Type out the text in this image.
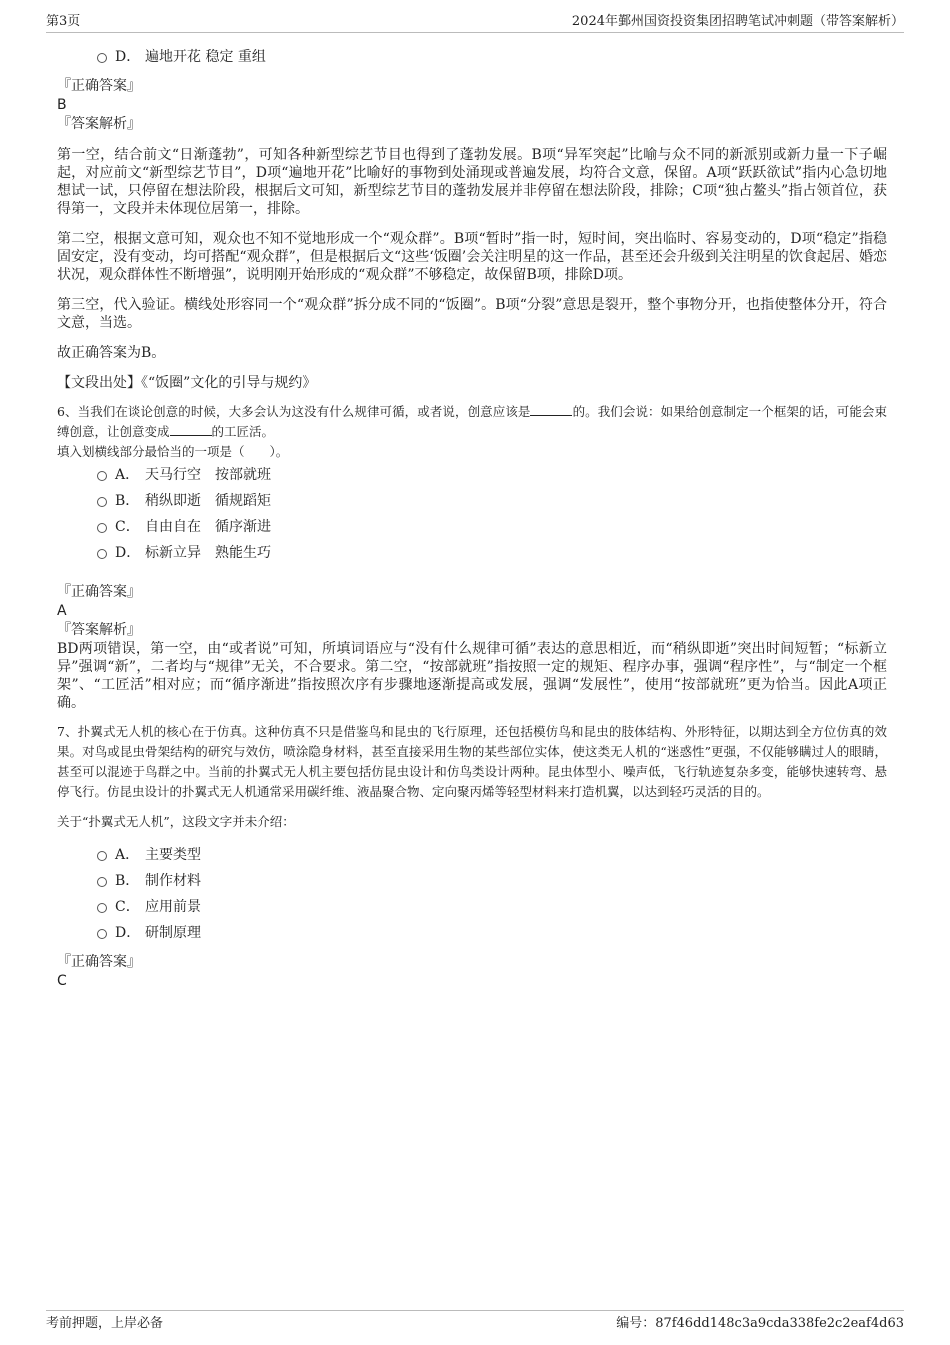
第3页	2024年鄞州国资投资集团招聘笔试冲刺题（带答案解析）
D． 遍地开花 稳定 重组
『正确答案』
B
『答案解析』

第一空，结合前文“日渐蓬勃”，可知各种新型综艺节目也得到了蓬勃发展。B项“异军突起”比喻与众不同的新派别或新力量一下子崛起，对应前文“新型综艺节目”，D项“遍地开花”比喻好的事物到处涌现或普遍发展，均符合文意，保留。A项“跃跃欲试”指内心急切地想试一试，只停留在想法阶段，根据后文可知，新型综艺节目的蓬勃发展并非停留在想法阶段，排除；C项“独占鳌头”指占领首位，获得第一，文段并未体现位居第一，排除。

第二空，根据文意可知，观众也不知不觉地形成一个“观众群”。B项“暂时”指一时，短时间，突出临时、容易变动的，D项“稳定”指稳固安定，没有变动，均可搭配“观众群”，但是根据后文“这些‘饭圈’会关注明星的这一作品，甚至还会升级到关注明星的饮食起居、婚恋状况，观众群体性不断增强”，说明刚开始形成的“观众群”不够稳定，故保留B项，排除D项。

第三空，代入验证。横线处形容同一个“观众群”拆分成不同的“饭圈”。B项“分裂”意思是裂开，整个事物分开，也指使整体分开，符合文意，当选。

故正确答案为B。

【文段出处】《“饭圈”文化的引导与规约》

6、当我们在谈论创意的时候，大多会认为这没有什么规律可循，或者说，创意应该是	的。我们会说：如果给创意制定一个框架的话，可能会束缚创意，让创意变成	的工匠活。

填入划横线部分最恰当的一项是（　　）。

A． 天马行空　按部就班
B． 稍纵即逝　循规蹈矩
C． 自由自在　循序渐进
D． 标新立异　熟能生巧
『正确答案』
A
『答案解析』

BD两项错误，第一空，由“或者说”可知，所填词语应与“没有什么规律可循”表达的意思相近，而“稍纵即逝”突出时间短暂；“标新立异”强调“新”，二者均与“规律”无关，不合要求。第二空，“按部就班”指按照一定的规矩、程序办事，强调“程序性”，与“制定一个框架”、“工匠活”相对应；而“循序渐进”指按照次序有步骤地逐渐提高或发展，强调“发展性”，使用“按部就班”更为恰当。因此A项正确。

7、扑翼式无人机的核心在于仿真。这种仿真不只是借鉴鸟和昆虫的飞行原理，还包括模仿鸟和昆虫的肢体结构、外形特征，以期达到全方位仿真的效果。对鸟或昆虫骨架结构的研究与效仿，喷涂隐身材料，甚至直接采用生物的某些部位实体，使这类无人机的“迷惑性”更强，不仅能够瞒过人的眼睛，甚至可以混迹于鸟群之中。当前的扑翼式无人机主要包括仿昆虫设计和仿鸟类设计两种。昆虫体型小、噪声低，飞行轨迹复杂多变，能够快速转弯、悬停飞行。仿昆虫设计的扑翼式无人机通常采用碳纤维、液晶聚合物、定向聚丙烯等轻型材料来打造机翼，以达到轻巧灵活的目的。

关于“扑翼式无人机”，这段文字并未介绍：

A． 主要类型
B． 制作材料
C． 应用前景
D． 研制原理
『正确答案』
C
考前押题，上岸必备	编号：87f46dd148c3a9cda338fe2c2eaf4d63
